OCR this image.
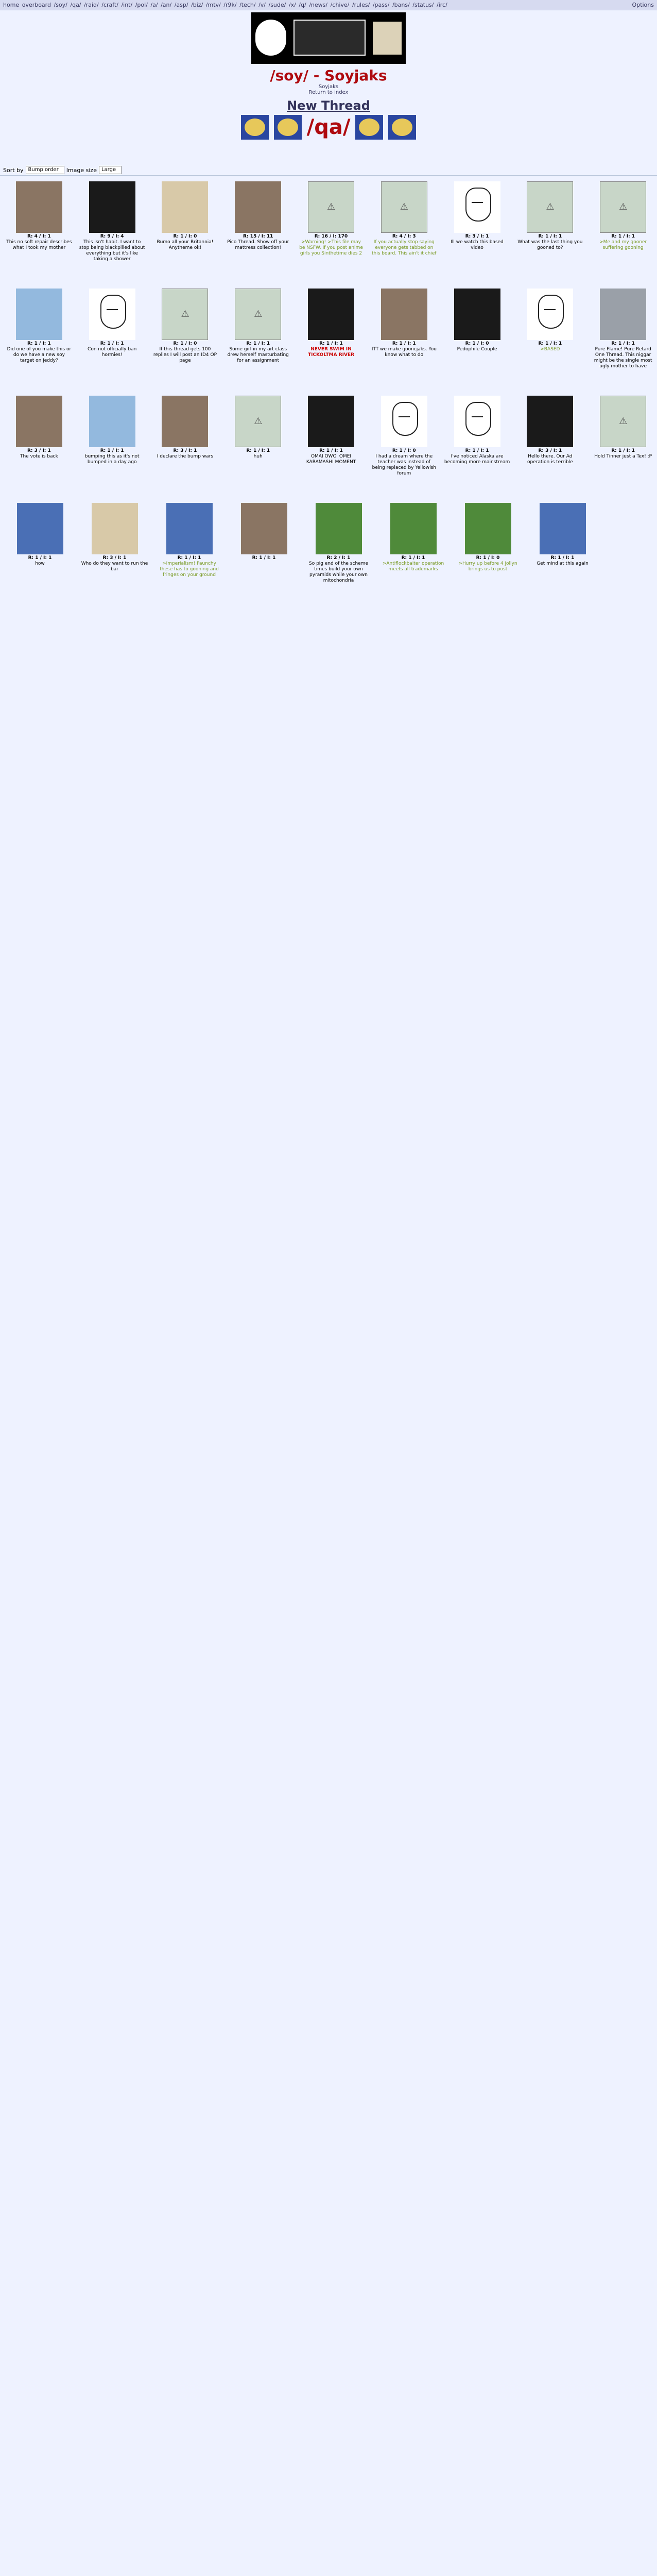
home overboard /soy/ /qa/ /raid/ /craft/ /int/ /pol/ /a/ /an/ /asp/ /biz/ /mtv/ /r9k/ /tech/ /v/ /sude/ /x/ /q/ /news/ /chive/ /rules/ /pass/ /bans/ /status/ /irc/	Options
/soy/ - Soyjaks
Soyjaks
Return to index
New Thread
/qa/
Sort by Bump order	Image size Large
R: 4 / I: 1
This no soft repair describes what I took my mother
R: 9 / I: 4
This isn't habit. I want to stop being blackpilled about everything but it's like taking a shower
R: 1 / I: 0
Bumo all your Britannia! Anytheme ok!
R: 15 / I: 11
Pico Thread. Show off your mattress collection!
⚠
R: 16 / I: 170
>Warning! >This file may be NSFW. If you post anime girls you Sinthetime dies 2
⚠
R: 4 / I: 3
If you actually stop saying everyone gets tabbed on this board. This ain't it chief
R: 3 / I: 1
Ill we watch this based video
⚠
R: 1 / I: 1
What was the last thing you gooned to?
⚠
R: 1 / I: 1
>Me and my gooner suffering gooning
R: 1 / I: 1
Did one of you make this or do we have a new soy target on jeddy?
R: 1 / I: 1
Con not officially ban hormies!
⚠
R: 1 / I: 0
If this thread gets 100 replies I will post an ID4 OP page
⚠
R: 1 / I: 1
Some girl in my art class drew herself masturbating for an assignment
R: 1 / I: 1
NEVER SWIM IN TICKOLTMA RIVER
R: 1 / I: 1
ITT we make gooncjaks. You know what to do
R: 1 / I: 0
Pedophile Couple
R: 1 / I: 1
>BASED
R: 1 / I: 1
Pure Flame! Pure Retard One Thread. This niggar might be the single most ugly mother to have
R: 3 / I: 1
The vote is back
R: 1 / I: 1
bumping this as it's not bumped in a day ago
R: 3 / I: 1
I declare the bump wars
⚠
R: 1 / I: 1
huh
R: 1 / I: 1
OMAI OWO. OMEI KARAMASHI MOMENT
R: 1 / I: 0
I had a dream where the teacher was instead of being replaced by Yellowish forum
R: 1 / I: 1
I've noticed Alaska are becoming more mainstream
R: 3 / I: 1
Hello there. Our Ad operation is terrible
⚠
R: 1 / I: 1
Hold Tinner just a Tex! :P
R: 1 / I: 1
how
R: 3 / I: 1
Who do they want to run the bar
R: 1 / I: 1
>Imperialism! Paunchy these has to gooning and fringes on your ground
R: 1 / I: 1	R: 2 / I: 1
So pig end of the scheme times build your own pyramids while your own mitochondria
R: 1 / I: 1
>Antiflockbaiter operation meets all trademarks
R: 1 / I: 0
>Hurry up before 4 jollyn brings us to post
R: 1 / I: 1
Get mind at this again
